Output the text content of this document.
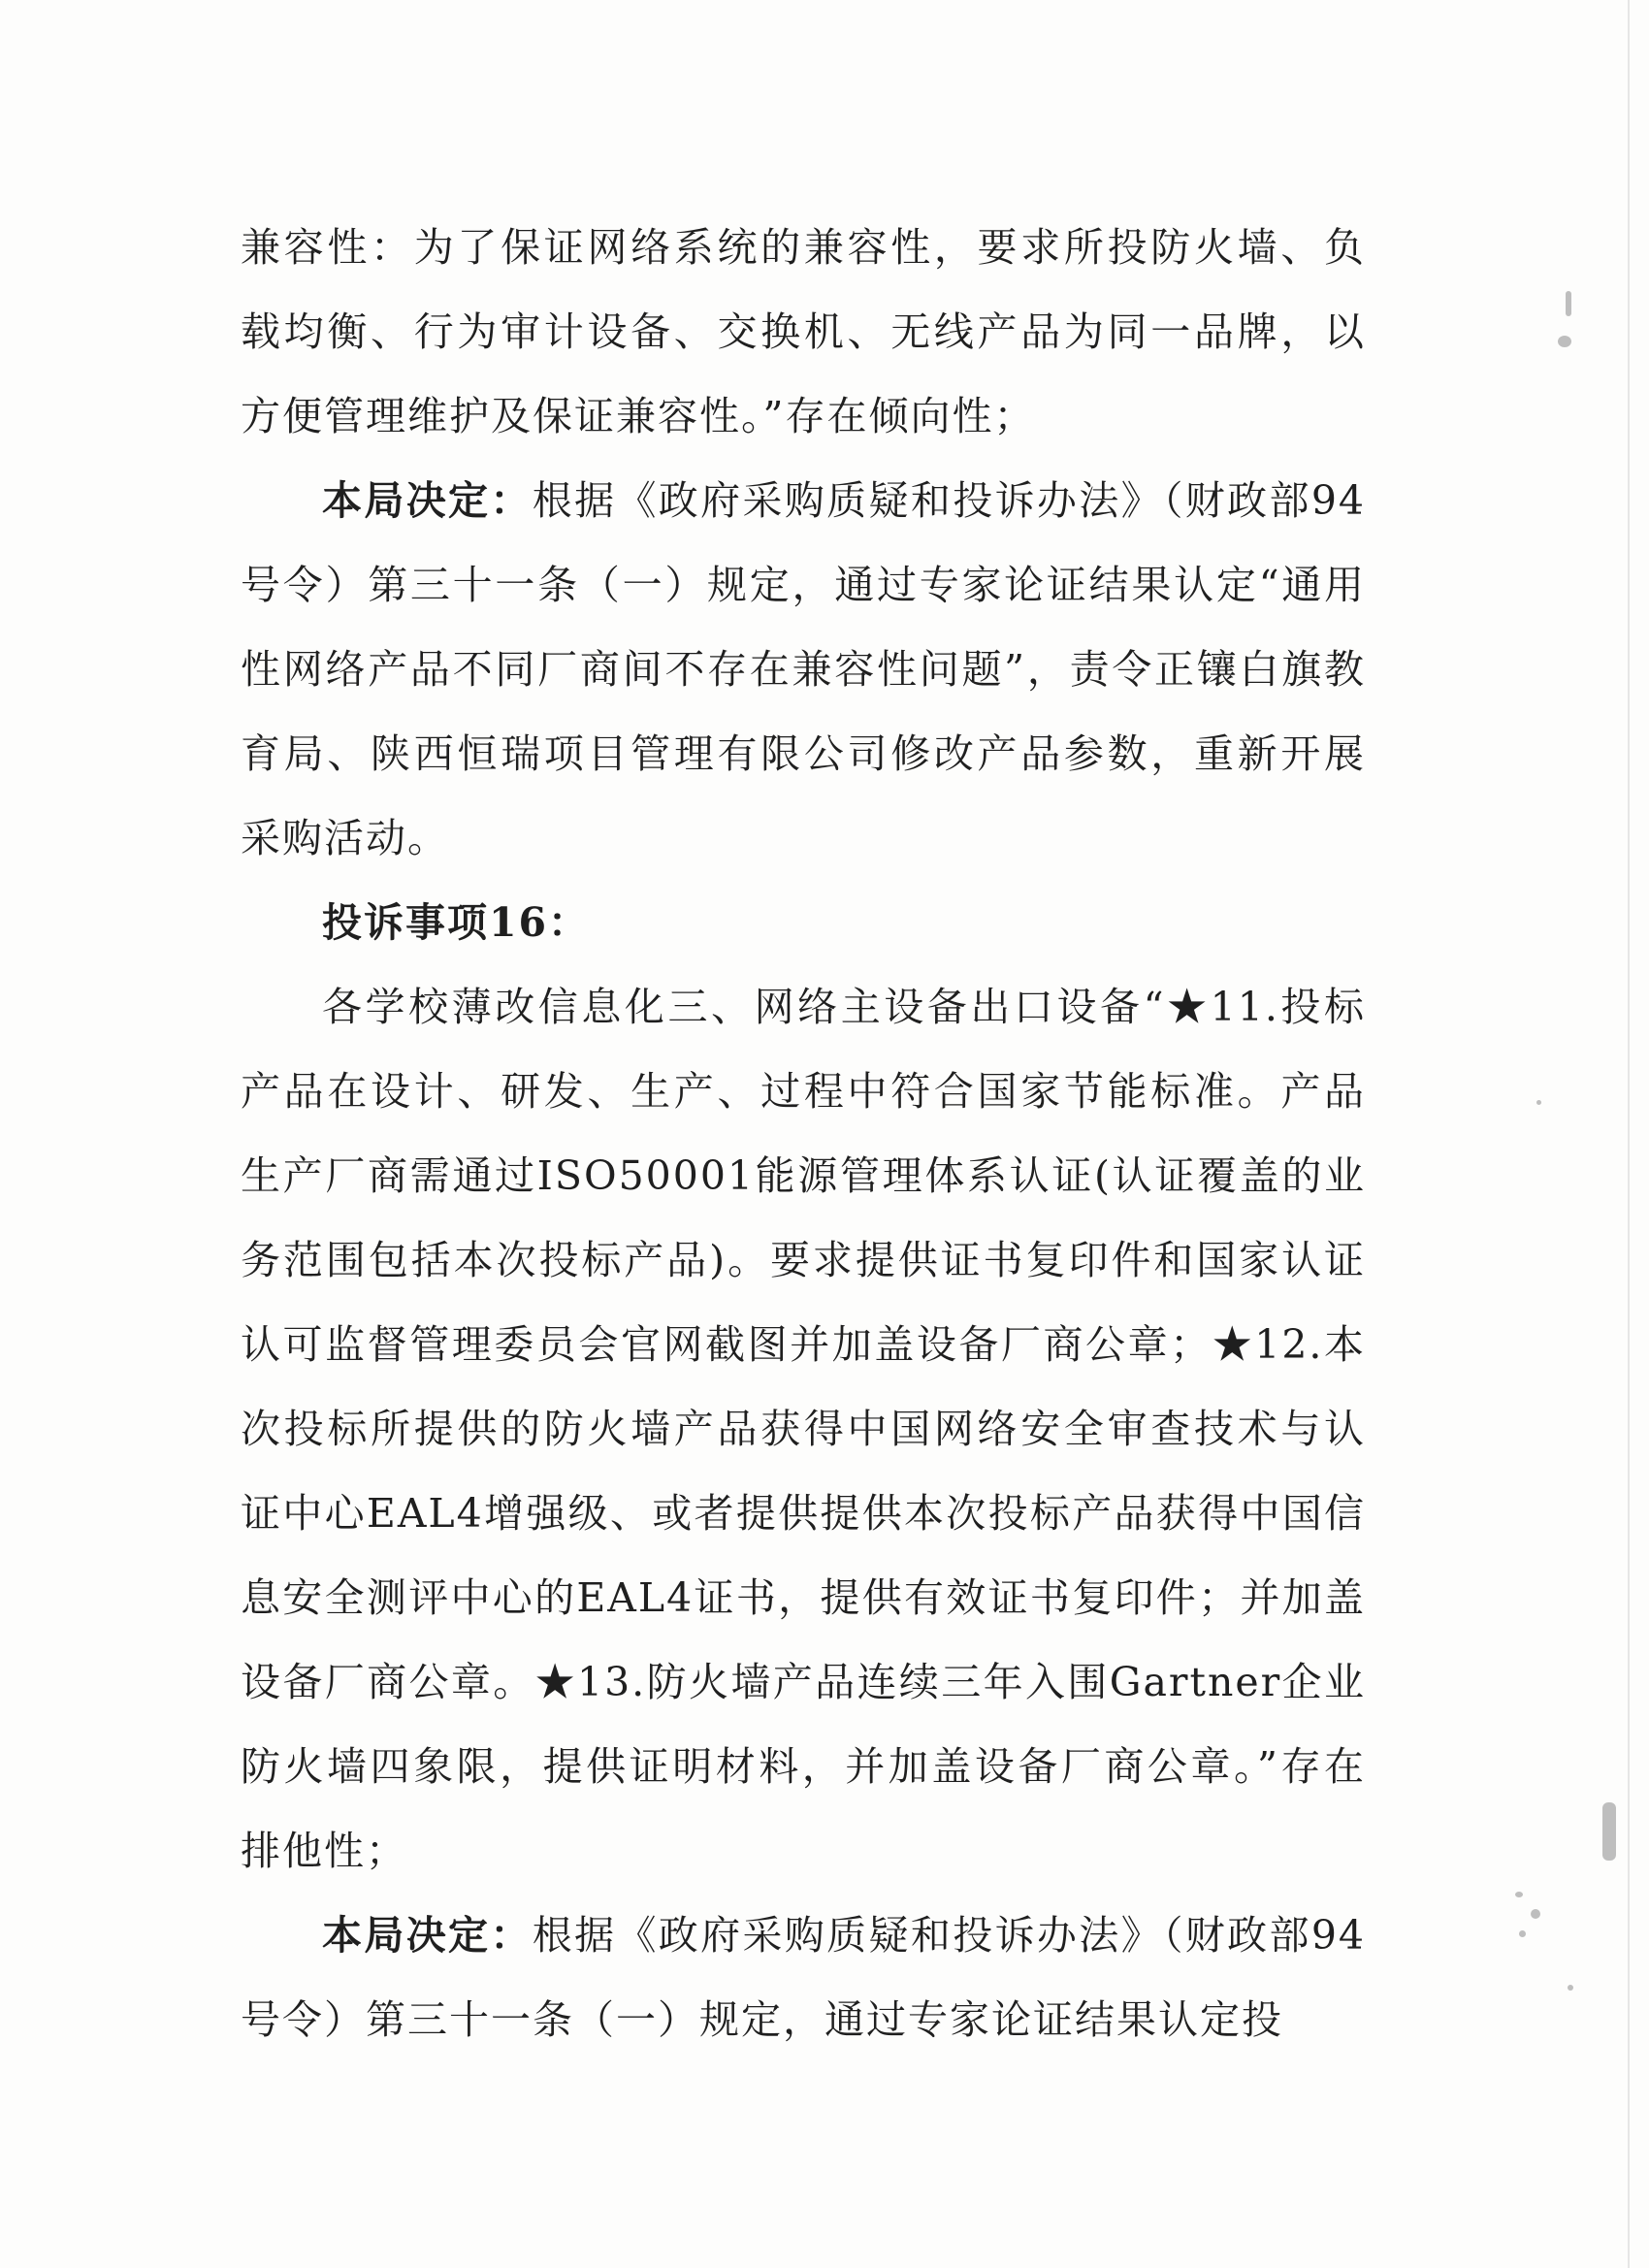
兼容性：为了保证网络系统的兼容性，要求所投防火墙、负载均衡、行为审计设备、交换机、无线产品为同一品牌，以方便管理维护及保证兼容性。”存在倾向性；

本局决定：根据《政府采购质疑和投诉办法》（财政部94号令）第三十一条（一）规定，通过专家论证结果认定“通用性网络产品不同厂商间不存在兼容性问题”，责令正镶白旗教育局、陕西恒瑞项目管理有限公司修改产品参数，重新开展采购活动。

投诉事项16：

各学校薄改信息化三、网络主设备出口设备“★11.投标产品在设计、研发、生产、过程中符合国家节能标准。产品生产厂商需通过ISO50001能源管理体系认证(认证覆盖的业务范围包括本次投标产品)。要求提供证书复印件和国家认证认可监督管理委员会官网截图并加盖设备厂商公章；★12.本次投标所提供的防火墙产品获得中国网络安全审查技术与认证中心EAL4增强级、或者提供提供本次投标产品获得中国信息安全测评中心的EAL4证书，提供有效证书复印件；并加盖设备厂商公章。★13.防火墙产品连续三年入围Gartner企业防火墙四象限，提供证明材料，并加盖设备厂商公章。”存在排他性；

本局决定：根据《政府采购质疑和投诉办法》（财政部94号令）第三十一条（一）规定，通过专家论证结果认定投
